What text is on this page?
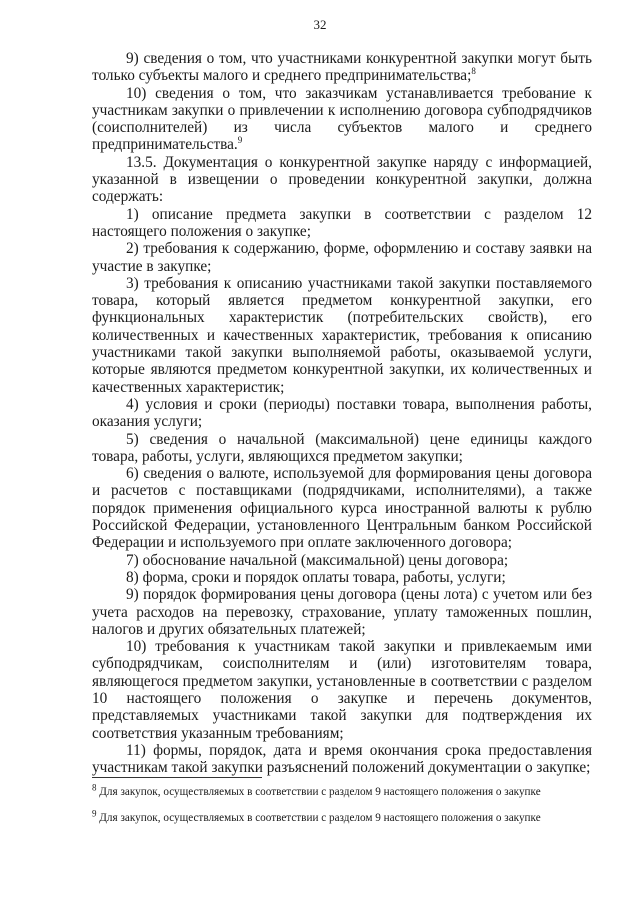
32

9) сведения о том, что участниками конкурентной закупки могут быть только субъекты малого и среднего предпринимательства;$^8$

10) сведения о том, что заказчикам устанавливается требование к участникам закупки о привлечении к исполнению договора субподрядчиков (соисполнителей) из числа субъектов малого и среднего предпринимательства.$^9$

13.5. Документация о конкурентной закупке наряду с информацией, указанной в извещении о проведении конкурентной закупки, должна содержать:

1) описание предмета закупки в соответствии с разделом 12 настоящего положения о закупке;

2) требования к содержанию, форме, оформлению и составу заявки на участие в закупке;

3) требования к описанию участниками такой закупки поставляемого товара, который является предметом конкурентной закупки, его функциональных характеристик (потребительских свойств), его количественных и качественных характеристик, требования к описанию участниками такой закупки выполняемой работы, оказываемой услуги, которые являются предметом конкурентной закупки, их количественных и качественных характеристик;

4) условия и сроки (периоды) поставки товара, выполнения работы, оказания услуги;

5) сведения о начальной (максимальной) цене единицы каждого товара, работы, услуги, являющихся предметом закупки;

6) сведения о валюте, используемой для формирования цены договора и расчетов с поставщиками (подрядчиками, исполнителями), а также порядок применения официального курса иностранной валюты к рублю Российской Федерации, установленного Центральным банком Российской Федерации и используемого при оплате заключенного договора;

7) обоснование начальной (максимальной) цены договора;

8) форма, сроки и порядок оплаты товара, работы, услуги;

9) порядок формирования цены договора (цены лота) с учетом или без учета расходов на перевозку, страхование, уплату таможенных пошлин, налогов и других обязательных платежей;

10) требования к участникам такой закупки и привлекаемым ими субподрядчикам, соисполнителям и (или) изготовителям товара, являющегося предметом закупки, установленные в соответствии с разделом 10 настоящего положения о закупке и перечень документов, представляемых участниками такой закупки для подтверждения их соответствия указанным требованиям;

11) формы, порядок, дата и время окончания срока предоставления участникам такой закупки разъяснений положений документации о закупке;

$^8$ Для закупок, осуществляемых в соответствии с разделом 9 настоящего положения о закупке

$^9$ Для закупок, осуществляемых в соответствии с разделом 9 настоящего положения о закупке
